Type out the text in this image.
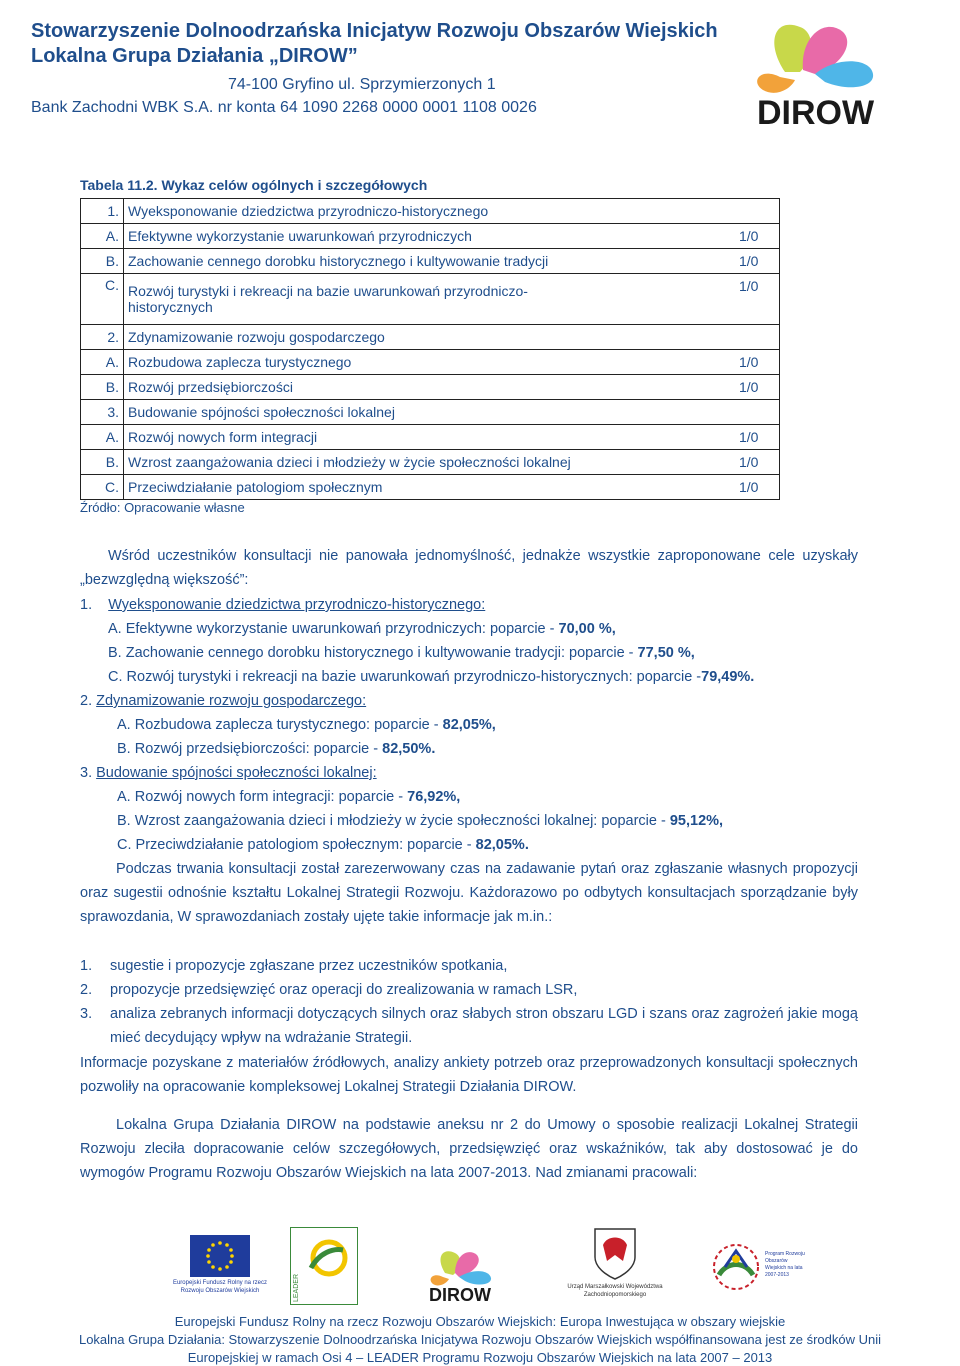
Stowarzyszenie Dolnoodrzańska Inicjatyw Rozwoju Obszarów Wiejskich
Lokalna Grupa Działania „DIROW”
74-100 Gryfino ul. Sprzymierzonych 1
Bank Zachodni WBK S.A. nr konta 64 1090 2268 0000 0001 1108 0026	DIROW
Tabela 11.2. Wykaz celów ogólnych i szczegółowych
1.	Wyeksponowanie dziedzictwa przyrodniczo-historycznego	
A.	Efektywne wykorzystanie uwarunkowań przyrodniczych	1/0
B.	Zachowanie cennego dorobku historycznego i kultywowanie tradycji	1/0
C.	Rozwój turystyki i rekreacji na bazie uwarunkowań przyrodniczo-historycznych	1/0
2.	Zdynamizowanie rozwoju gospodarczego	
A.	Rozbudowa zaplecza turystycznego	1/0
B.	Rozwój przedsiębiorczości	1/0
3.	Budowanie spójności społeczności lokalnej	
A.	Rozwój nowych form integracji	1/0
B.	Wzrost zaangażowania dzieci i młodzieży w życie społeczności lokalnej	1/0
C.	Przeciwdziałanie patologiom społecznym	1/0
Źródło: Opracowanie własne
Wśród uczestników konsultacji nie panowała jednomyślność, jednakże wszystkie zaproponowane cele uzyskały „bezwzględną większość”:
1. Wyeksponowanie dziedzictwa przyrodniczo-historycznego:
A. Efektywne wykorzystanie uwarunkowań przyrodniczych: poparcie - 70,00 %,
B. Zachowanie cennego dorobku historycznego i kultywowanie tradycji: poparcie - 77,50 %,
C. Rozwój turystyki i rekreacji na bazie uwarunkowań przyrodniczo-historycznych: poparcie -79,49%.
2. Zdynamizowanie rozwoju gospodarczego:
A. Rozbudowa zaplecza turystycznego: poparcie - 82,05%,
B. Rozwój przedsiębiorczości: poparcie - 82,50%.
3. Budowanie spójności społeczności lokalnej:
A. Rozwój nowych form integracji: poparcie - 76,92%,
B. Wzrost zaangażowania dzieci i młodzieży w życie społeczności lokalnej: poparcie - 95,12%,
C. Przeciwdziałanie patologiom społecznym: poparcie - 82,05%.
Podczas trwania konsultacji został zarezerwowany czas na zadawanie pytań oraz zgłaszanie własnych propozycji oraz sugestii odnośnie kształtu Lokalnej Strategii Rozwoju. Każdorazowo po odbytych konsultacjach sporządzanie były sprawozdania, W sprawozdaniach zostały ujęte takie informacje jak m.in.:
1. sugestie i propozycje zgłaszane przez uczestników spotkania,
2. propozycje przedsięwzięć oraz operacji do zrealizowania w ramach LSR,
3. analiza zebranych informacji dotyczących silnych oraz słabych stron obszaru LGD i szans oraz zagrożeń jakie mogą mieć decydujący wpływ na wdrażanie Strategii.
Informacje pozyskane z materiałów źródłowych, analizy ankiety potrzeb oraz przeprowadzonych konsultacji społecznych pozwoliły na opracowanie kompleksowej Lokalnej Strategii Działania DIROW.
Lokalna Grupa Działania DIROW na podstawie aneksu nr 2 do Umowy o sposobie realizacji Lokalnej Strategii Rozwoju zleciła dopracowanie celów szczegółowych, przedsięwzięć oraz wskaźników, tak aby dostosować je do wymogów Programu Rozwoju Obszarów Wiejskich na lata 2007-2013. Nad zmianami pracowali:
Europejski Fundusz Rolny na rzecz Rozwoju Obszarów Wiejskich	LEADER	DIROW	Urząd Marszałkowski Województwa Zachodniopomorskiego
Program Rozwoju Obszarów Wiejskich na lata 2007-2013
Europejski Fundusz Rolny na rzecz Rozwoju Obszarów Wiejskich: Europa Inwestująca w obszary wiejskie
Lokalna Grupa Działania: Stowarzyszenie Dolnoodrzańska Inicjatywa Rozwoju Obszarów Wiejskich współfinansowana jest ze środków Unii
Europejskiej w ramach Osi 4 – LEADER Programu Rozwoju Obszarów Wiejskich na lata 2007 – 2013
